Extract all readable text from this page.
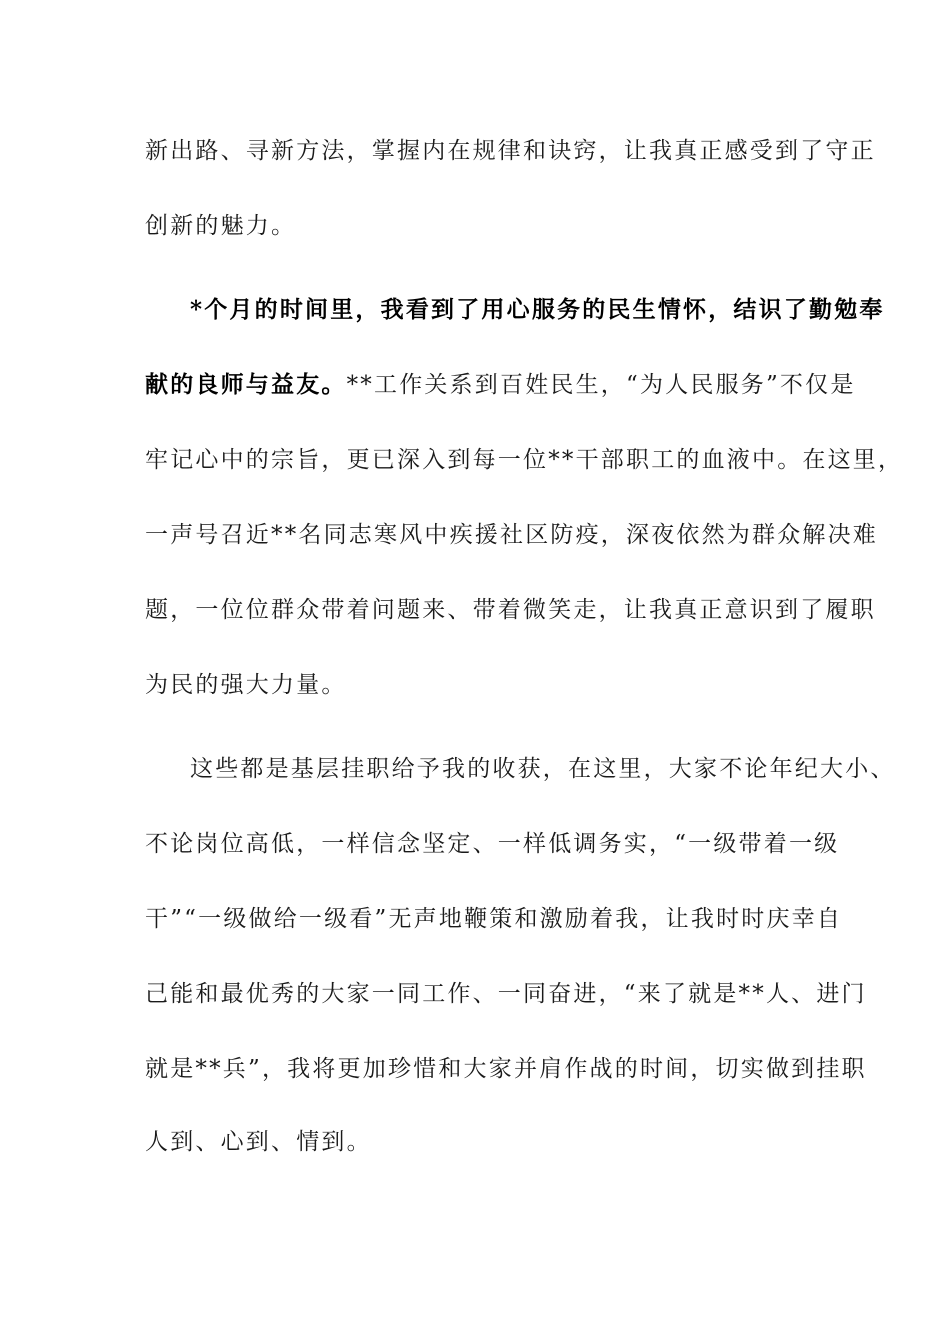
新出路、寻新方法，掌握内在规律和诀窍，让我真正感受到了守正
创新的魅力。
*个月的时间里，我看到了用心服务的民生情怀，结识了勤勉奉
献的良师与益友。**工作关系到百姓民生，“为人民服务”不仅是
牢记心中的宗旨，更已深入到每一位**干部职工的血液中。在这里，
一声号召近**名同志寒风中疾援社区防疫，深夜依然为群众解决难
题，一位位群众带着问题来、带着微笑走，让我真正意识到了履职
为民的强大力量。
这些都是基层挂职给予我的收获，在这里，大家不论年纪大小、
不论岗位高低，一样信念坚定、一样低调务实，“一级带着一级
干”“一级做给一级看”无声地鞭策和激励着我，让我时时庆幸自
己能和最优秀的大家一同工作、一同奋进，“来了就是**人、进门
就是**兵”，我将更加珍惜和大家并肩作战的时间，切实做到挂职
人到、心到、情到。
